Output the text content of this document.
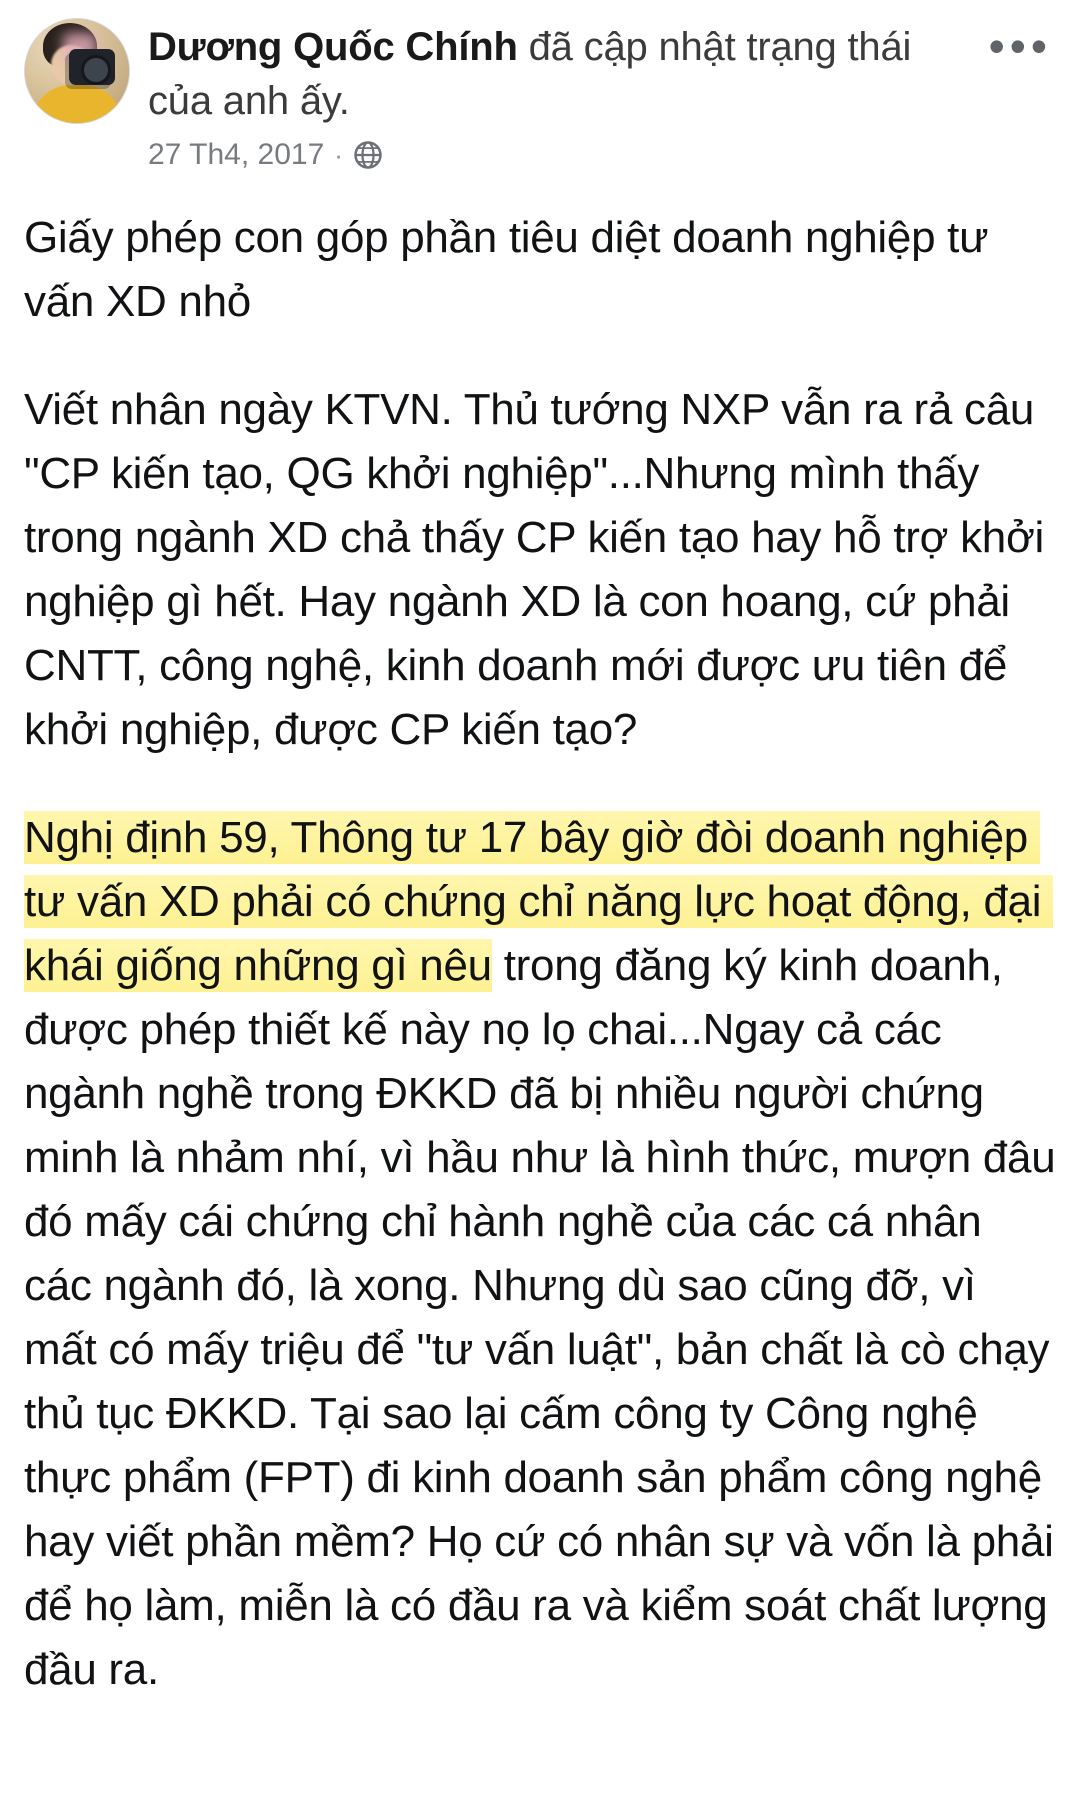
Dương Quốc Chính đã cập nhật trạng thái của anh ấy.
27 Th4, 2017 ·
•••

Giấy phép con góp phần tiêu diệt doanh nghiệp tư vấn XD nhỏ

Viết nhân ngày KTVN. Thủ tướng NXP vẫn ra rả câu "CP kiến tạo, QG khởi nghiệp"...Nhưng mình thấy trong ngành XD chả thấy CP kiến tạo hay hỗ trợ khởi nghiệp gì hết. Hay ngành XD là con hoang, cứ phải CNTT, công nghệ, kinh doanh mới được ưu tiên để khởi nghiệp, được CP kiến tạo?

Nghị định 59, Thông tư 17 bây giờ đòi doanh nghiệp tư vấn XD phải có chứng chỉ năng lực hoạt động, đại khái giống những gì nêu trong đăng ký kinh doanh, được phép thiết kế này nọ lọ chai...Ngay cả các ngành nghề trong ĐKKD đã bị nhiều người chứng minh là nhảm nhí, vì hầu như là hình thức, mượn đâu đó mấy cái chứng chỉ hành nghề của các cá nhân các ngành đó, là xong. Nhưng dù sao cũng đỡ, vì mất có mấy triệu để "tư vấn luật", bản chất là cò chạy thủ tục ĐKKD. Tại sao lại cấm công ty Công nghệ thực phẩm (FPT) đi kinh doanh sản phẩm công nghệ hay viết phần mềm? Họ cứ có nhân sự và vốn là phải để họ làm, miễn là có đầu ra và kiểm soát chất lượng đầu ra.
